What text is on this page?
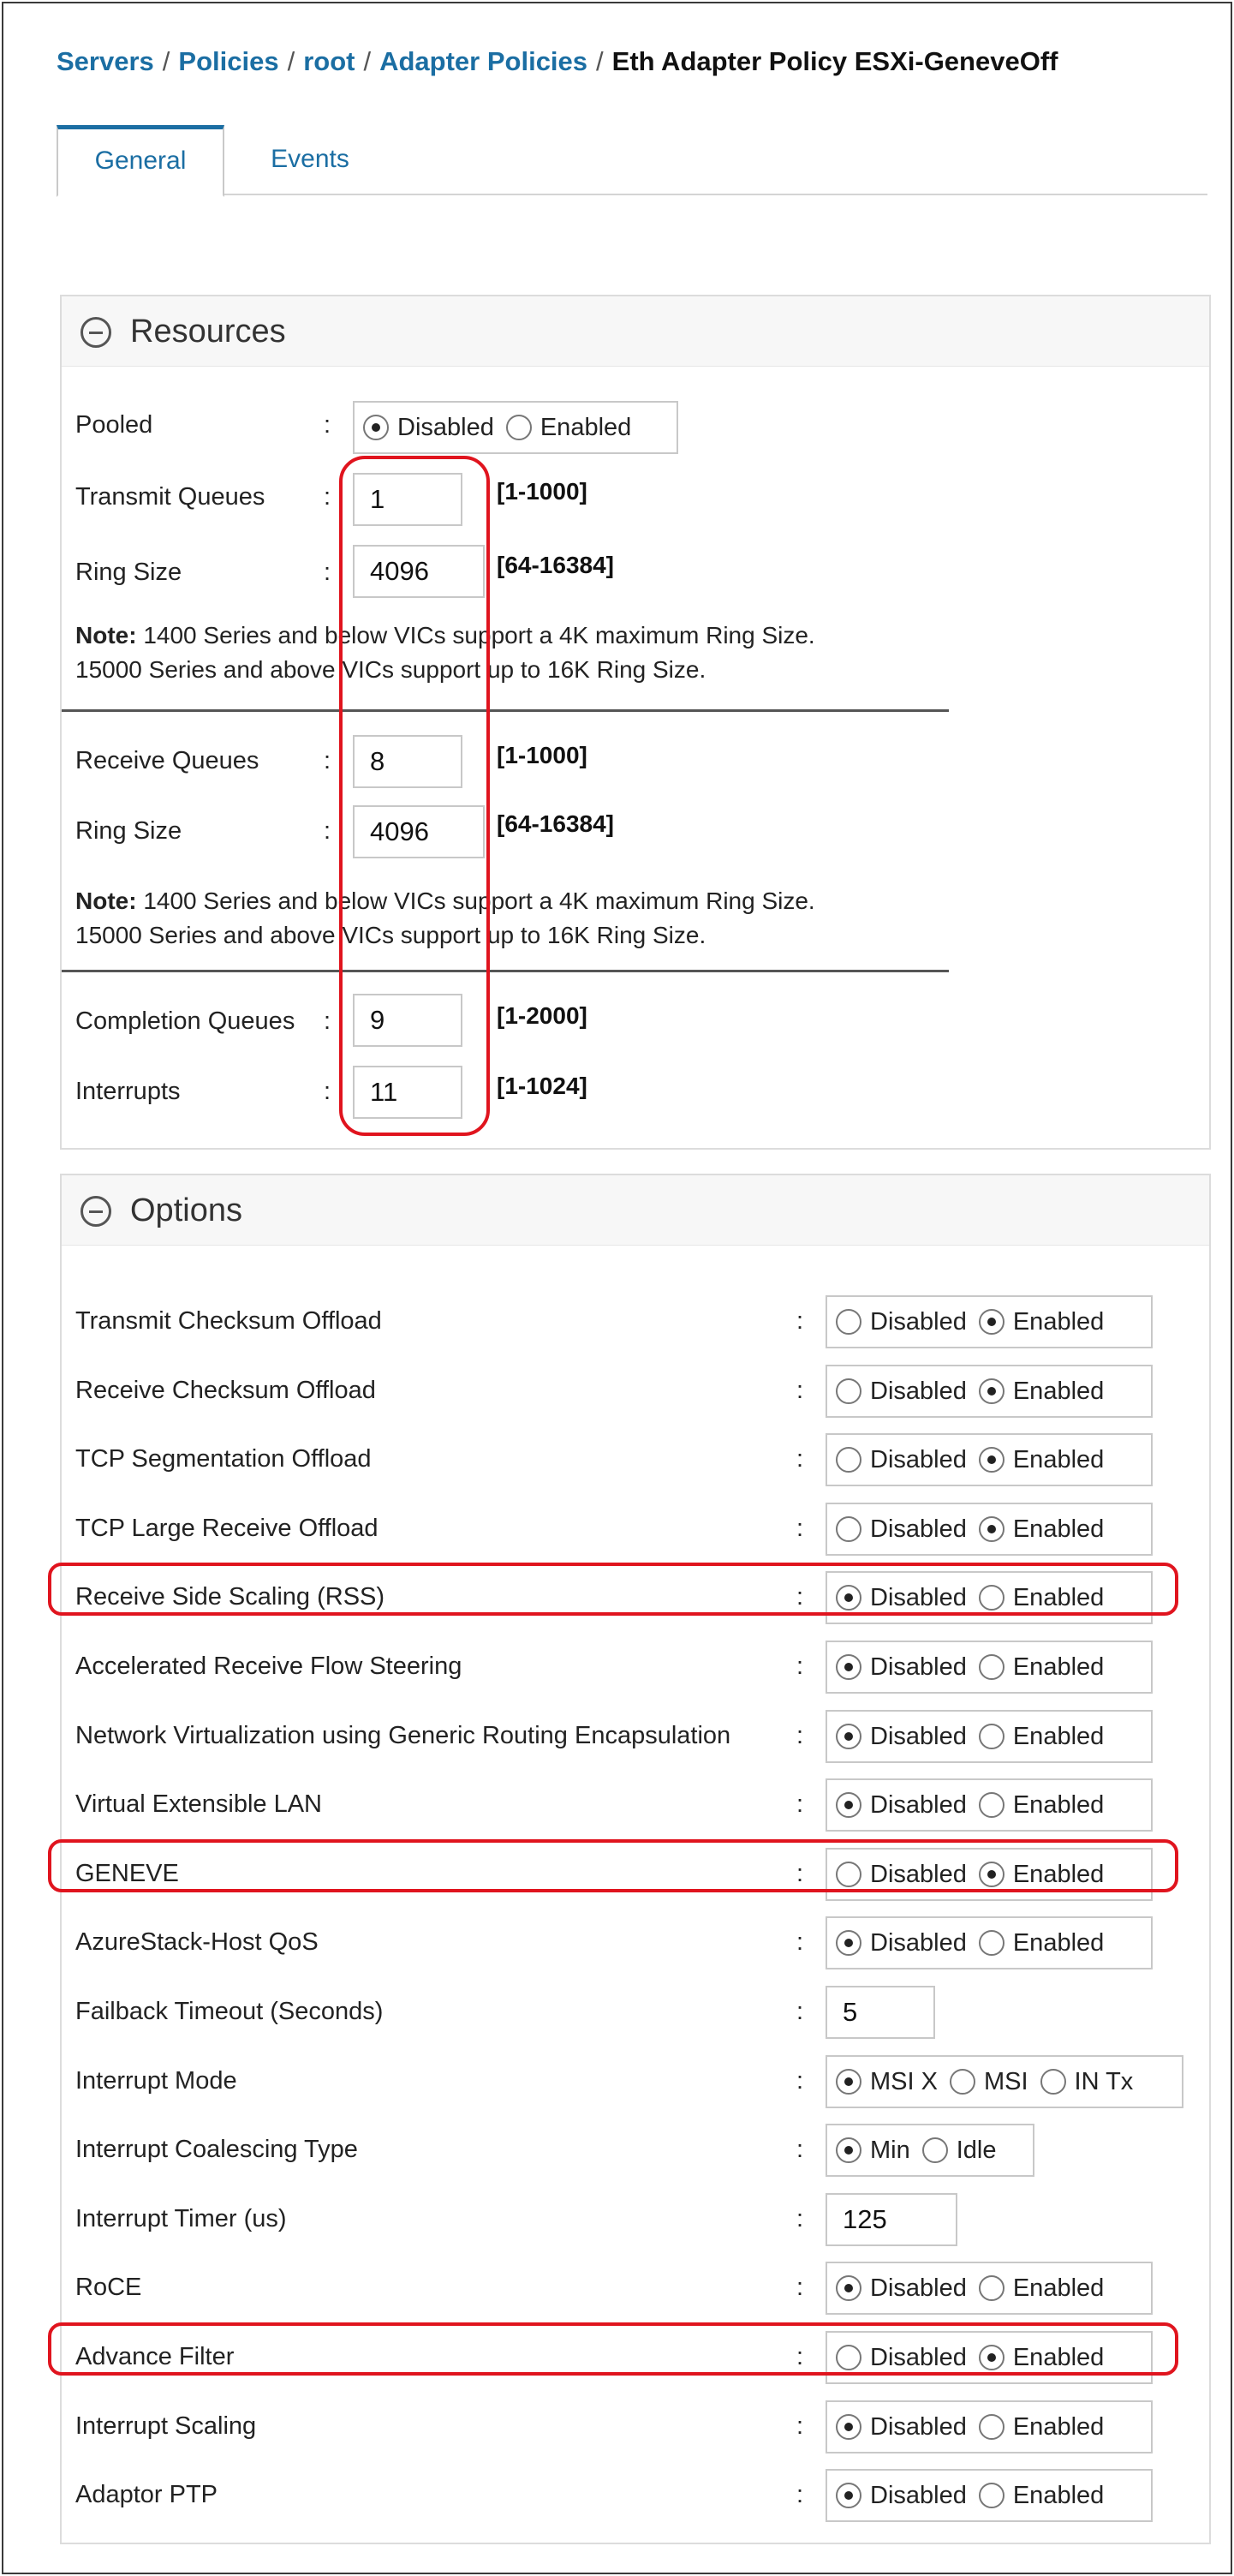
Servers / Policies / root / Adapter Policies / Eth Adapter Policy ESXi-GeneveOff
General	Events
Resources
Pooled	:	Disabled Enabled
Transmit Queues :	1	[1-1000]
Ring Size	:	4096	[64-16384]
Note: 1400 Series and below VICs support a 4K maximum Ring Size.
15000 Series and above VICs support up to 16K Ring Size.
Receive Queues	:	8	[1-1000]
Ring Size	:	4096	[64-16384]
Note: 1400 Series and below VICs support a 4K maximum Ring Size.
15000 Series and above VICs support up to 16K Ring Size.
Completion Queues :	9	[1-2000]
Interrupts	:	11	[1-1024]
Options
Transmit Checksum Offload	:	Disabled Enabled
Receive Checksum Offload	:	Disabled Enabled
TCP Segmentation Offload	:	Disabled Enabled
TCP Large Receive Offload	:	Disabled Enabled
Receive Side Scaling (RSS)	:	Disabled Enabled
Accelerated Receive Flow Steering	:	Disabled Enabled
Network Virtualization using Generic Routing Encapsulation	:	Disabled Enabled
Virtual Extensible LAN	:	Disabled Enabled
GENEVE	:	Disabled Enabled
AzureStack-Host QoS	:	Disabled Enabled
Failback Timeout (Seconds)	:	5
Interrupt Mode	:	MSI X MSI IN Tx
Interrupt Coalescing Type	:	Min Idle
Interrupt Timer (us)	:	125
RoCE	:	Disabled Enabled
Advance Filter	:	Disabled Enabled
Interrupt Scaling	:	Disabled Enabled
Adaptor PTP	:	Disabled Enabled
